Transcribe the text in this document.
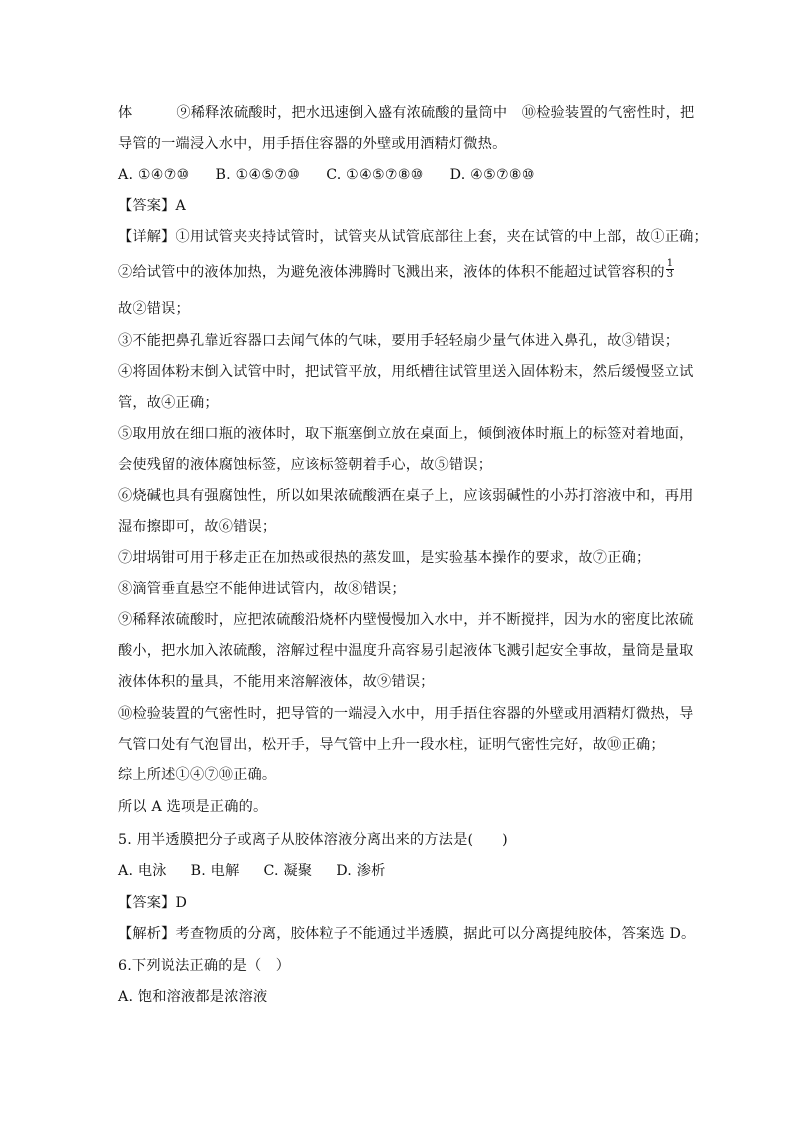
体	⑨稀释浓硫酸时，把水迅速倒入盛有浓硫酸的量筒中　⑩检验装置的气密性时，把
导管的一端浸入水中，用手捂住容器的外壁或用酒精灯微热。
A. ①④⑦⑩ B. ①④⑤⑦⑩ C. ①④⑤⑦⑧⑩ D. ④⑤⑦⑧⑩
【答案】A
【详解】①用试管夹夹持试管时，试管夹从试管底部往上套，夹在试管的中上部，故①正确；
②给试管中的液体加热，为避免液体沸腾时飞溅出来，液体的体积不能超过试管容积的 $\frac{1}{3}$
故②错误；
③不能把鼻孔靠近容器口去闻气体的气味，要用手轻轻扇少量气体进入鼻孔，故③错误；
④将固体粉末倒入试管中时，把试管平放，用纸槽往试管里送入固体粉末，然后缓慢竖立试
管，故④正确；
⑤取用放在细口瓶的液体时，取下瓶塞倒立放在桌面上，倾倒液体时瓶上的标签对着地面，
会使残留的液体腐蚀标签，应该标签朝着手心，故⑤错误；
⑥烧碱也具有强腐蚀性，所以如果浓硫酸洒在桌子上，应该弱碱性的小苏打溶液中和，再用
湿布擦即可，故⑥错误；
⑦坩埚钳可用于移走正在加热或很热的蒸发皿，是实验基本操作的要求，故⑦正确；
⑧滴管垂直悬空不能伸进试管内，故⑧错误；
⑨稀释浓硫酸时，应把浓硫酸沿烧杯内壁慢慢加入水中，并不断搅拌，因为水的密度比浓硫
酸小，把水加入浓硫酸，溶解过程中温度升高容易引起液体飞溅引起安全事故，量筒是量取
液体体积的量具，不能用来溶解液体，故⑨错误；
⑩检验装置的气密性时，把导管的一端浸入水中，用手捂住容器的外壁或用酒精灯微热，导
气管口处有气泡冒出，松开手，导气管中上升一段水柱，证明气密性完好，故⑩正确；
综上所述①④⑦⑩正确。
所以 A 选项是正确的。
5. 用半透膜把分子或离子从胶体溶液分离出来的方法是(　　)
A. 电泳 B. 电解 C. 凝聚 D. 渗析
【答案】D
【解析】考查物质的分离，胶体粒子不能通过半透膜，据此可以分离提纯胶体，答案选 D。
6.下列说法正确的是（　）
A. 饱和溶液都是浓溶液
